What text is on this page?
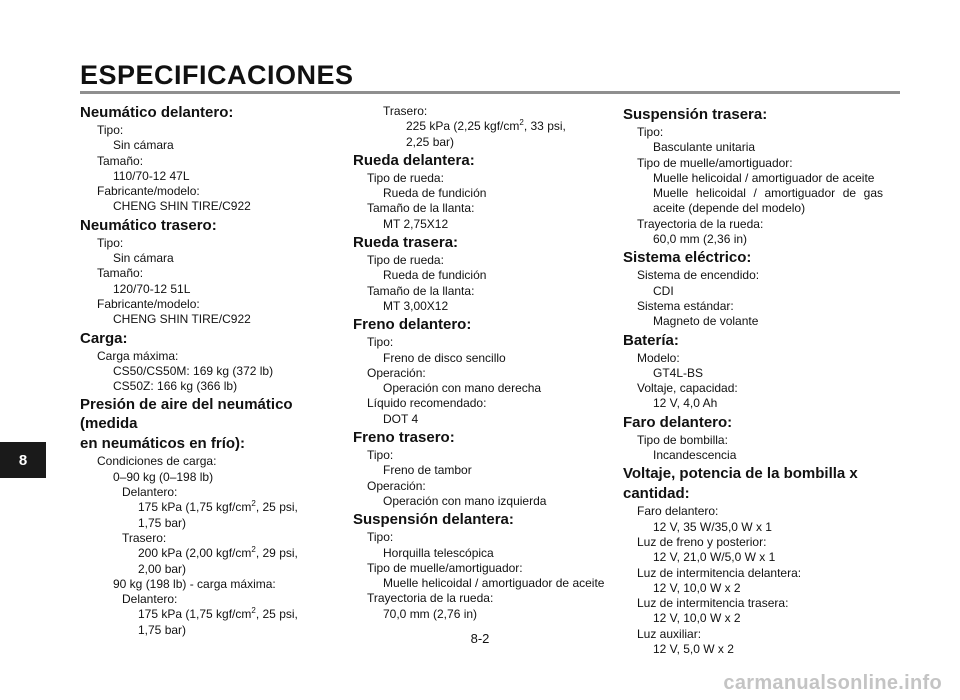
ESPECIFICACIONES
8
Neumático delantero:
Tipo:
Sin cámara
Tamaño:
110/70-12 47L
Fabricante/modelo:
CHENG SHIN TIRE/C922
Neumático trasero:
Tipo:
Sin cámara
Tamaño:
120/70-12 51L
Fabricante/modelo:
CHENG SHIN TIRE/C922
Carga:
Carga máxima:
CS50/CS50M: 169 kg (372 lb)
CS50Z: 166 kg (366 lb)
Presión de aire del neumático (medida
en neumáticos en frío):
Condiciones de carga:
0–90 kg (0–198 lb)
Delantero:
175 kPa (1,75 kgf/$cm^2$, 25 psi,
1,75 bar)
Trasero:
200 kPa (2,00 kgf/$cm^2$, 29 psi,
2,00 bar)
90 kg (198 lb) - carga máxima:
Delantero:
175 kPa (1,75 kgf/$cm^2$, 25 psi,
1,75 bar)
Trasero:
225 kPa (2,25 kgf/$cm^2$, 33 psi,
2,25 bar)
Rueda delantera:
Tipo de rueda:
Rueda de fundición
Tamaño de la llanta:
MT 2,75X12
Rueda trasera:
Tipo de rueda:
Rueda de fundición
Tamaño de la llanta:
MT 3,00X12
Freno delantero:
Tipo:
Freno de disco sencillo
Operación:
Operación con mano derecha
Líquido recomendado:
DOT 4
Freno trasero:
Tipo:
Freno de tambor
Operación:
Operación con mano izquierda
Suspensión delantera:
Tipo:
Horquilla telescópica
Tipo de muelle/amortiguador:
Muelle helicoidal / amortiguador de aceite
Trayectoria de la rueda:
70,0 mm (2,76 in)
Suspensión trasera:
Tipo:
Basculante unitaria
Tipo de muelle/amortiguador:
Muelle helicoidal / amortiguador de aceite
Muelle helicoidal / amortiguador de gas aceite (depende del modelo)
Trayectoria de la rueda:
60,0 mm (2,36 in)
Sistema eléctrico:
Sistema de encendido:
CDI
Sistema estándar:
Magneto de volante
Batería:
Modelo:
GT4L-BS
Voltaje, capacidad:
12 V, 4,0 Ah
Faro delantero:
Tipo de bombilla:
Incandescencia
Voltaje, potencia de la bombilla x
cantidad:
Faro delantero:
12 V, 35 W/35,0 W x 1
Luz de freno y posterior:
12 V, 21,0 W/5,0 W x 1
Luz de intermitencia delantera:
12 V, 10,0 W x 2
Luz de intermitencia trasera:
12 V, 10,0 W x 2
Luz auxiliar:
12 V, 5,0 W x 2
8-2
carmanualsonline.info
